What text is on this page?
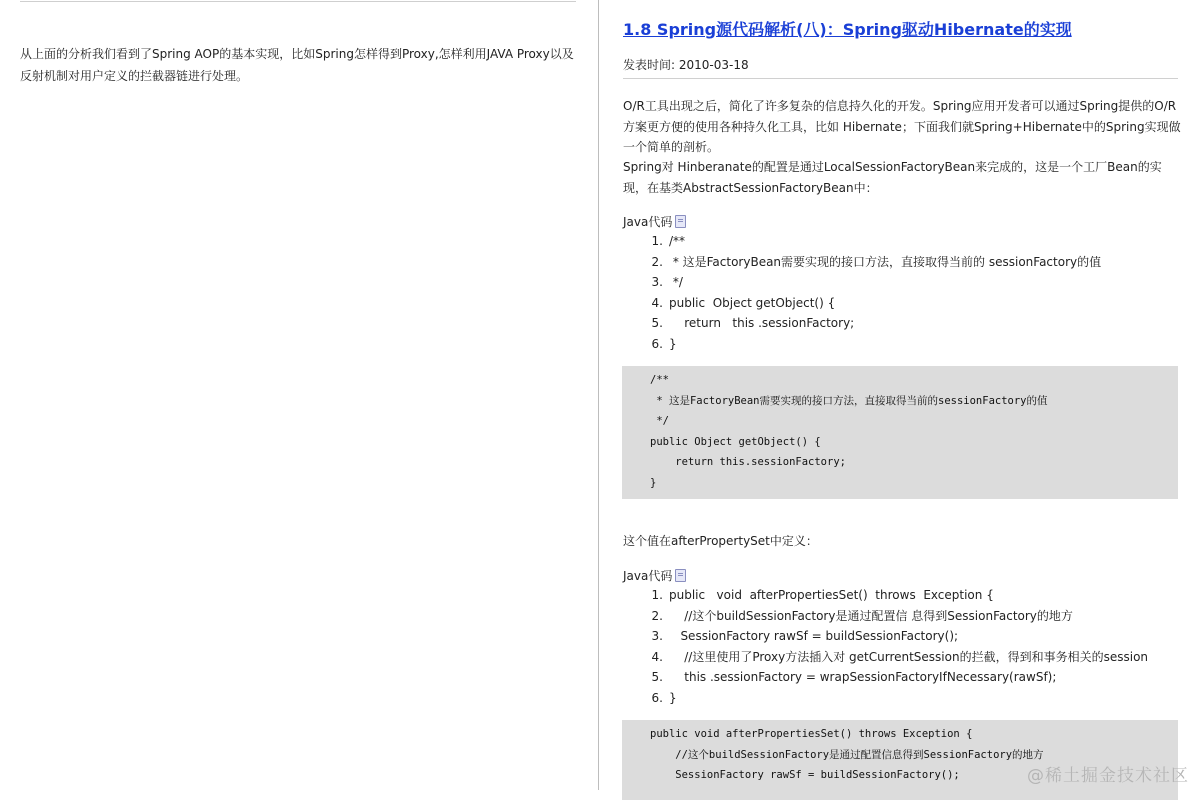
从上面的分析我们看到了Spring AOP的基本实现，比如Spring怎样得到Proxy,怎样利用JAVA Proxy以及反射机制对用户定义的拦截器链进行处理。
1.8 Spring源代码解析(八)：Spring驱动Hibernate的实现
发表时间: 2010-03-18
O/R工具出现之后，简化了许多复杂的信息持久化的开发。Spring应用开发者可以通过Spring提供的O/R方案更方便的使用各种持久化工具，比如 Hibernate；下面我们就Spring+Hibernate中的Spring实现做一个简单的剖析。
Spring对 Hinberanate的配置是通过LocalSessionFactoryBean来完成的，这是一个工厂Bean的实现，在基类AbstractSessionFactoryBean中：
Java代码
1. /**
2. * 这是FactoryBean需要实现的接口方法，直接取得当前的 sessionFactory的值
3. */
4. public  Object getObject() {
5.    return   this .sessionFactory;
6. }
/**
* 这是FactoryBean需要实现的接口方法，直接取得当前的sessionFactory的值
*/
public Object getObject() {
return this.sessionFactory;
}
这个值在afterPropertySet中定义：
Java代码
1. public   void  afterPropertiesSet()  throws  Exception {
2.    //这个buildSessionFactory是通过配置信 息得到SessionFactory的地方
3.   SessionFactory rawSf = buildSessionFactory();
4.    //这里使用了Proxy方法插入对 getCurrentSession的拦截，得到和事务相关的session
5.    this .sessionFactory = wrapSessionFactoryIfNecessary(rawSf);
6. }
public void afterPropertiesSet() throws Exception {
//这个buildSessionFactory是通过配置信息得到SessionFactory的地方
SessionFactory rawSf = buildSessionFactory();	@稀土掘金技术社区
